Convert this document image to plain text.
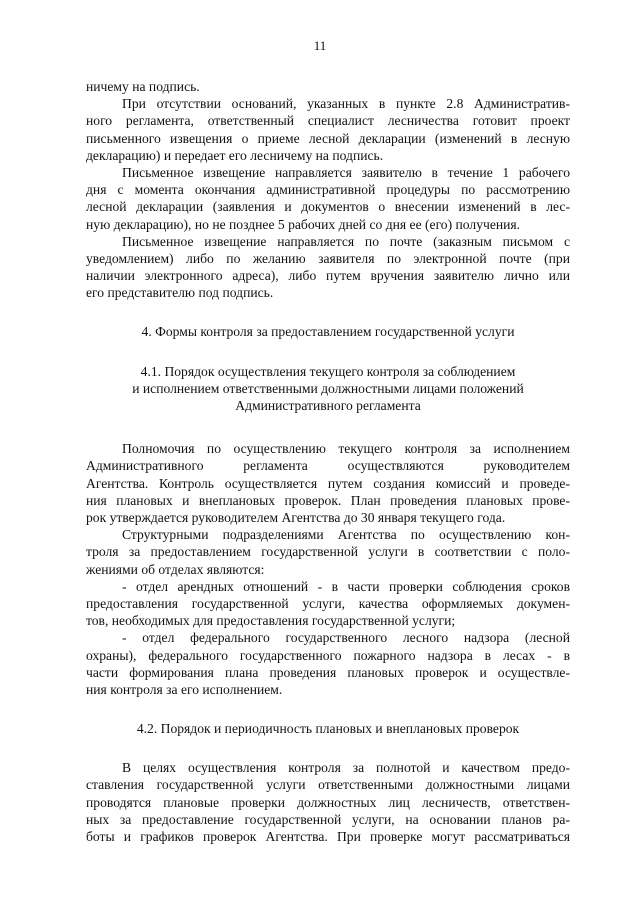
11
ничему на подпись.
При отсутствии оснований, указанных в пункте 2.8 Административ-
ного регламента, ответственный специалист лесничества готовит проект
письменного извещения о приеме лесной декларации (изменений в лесную
декларацию) и передает его лесничему на подпись.
Письменное извещение направляется заявителю в течение 1 рабочего
дня с момента окончания административной процедуры по рассмотрению
лесной декларации (заявления и документов о внесении изменений в лес-
ную декларацию), но не позднее 5 рабочих дней со дня ее (его) получения.
Письменное извещение направляется по почте (заказным письмом с
уведомлением) либо по желанию заявителя по электронной почте (при
наличии электронного адреса), либо путем вручения заявителю лично или
его представителю под подпись.
4. Формы контроля за предоставлением государственной услуги
4.1. Порядок осуществления текущего контроля за соблюдением
и исполнением ответственными должностными лицами положений
Административного регламента
Полномочия по осуществлению текущего контроля за исполнением
Административного регламента осуществляются руководителем
Агентства. Контроль осуществляется путем создания комиссий и проведе-
ния плановых и внеплановых проверок. План проведения плановых прове-
рок утверждается руководителем Агентства до 30 января текущего года.
Структурными подразделениями Агентства по осуществлению кон-
троля за предоставлением государственной услуги в соответствии с поло-
жениями об отделах являются:
- отдел арендных отношений - в части проверки соблюдения сроков
предоставления государственной услуги, качества оформляемых докумен-
тов, необходимых для предоставления государственной услуги;
- отдел федерального государственного лесного надзора (лесной
охраны), федерального государственного пожарного надзора в лесах - в
части формирования плана проведения плановых проверок и осуществле-
ния контроля за его исполнением.
4.2. Порядок и периодичность плановых и внеплановых проверок
В целях осуществления контроля за полнотой и качеством предо-
ставления государственной услуги ответственными должностными лицами
проводятся плановые проверки должностных лиц лесничеств, ответствен-
ных за предоставление государственной услуги, на основании планов ра-
боты и графиков проверок Агентства. При проверке могут рассматриваться
